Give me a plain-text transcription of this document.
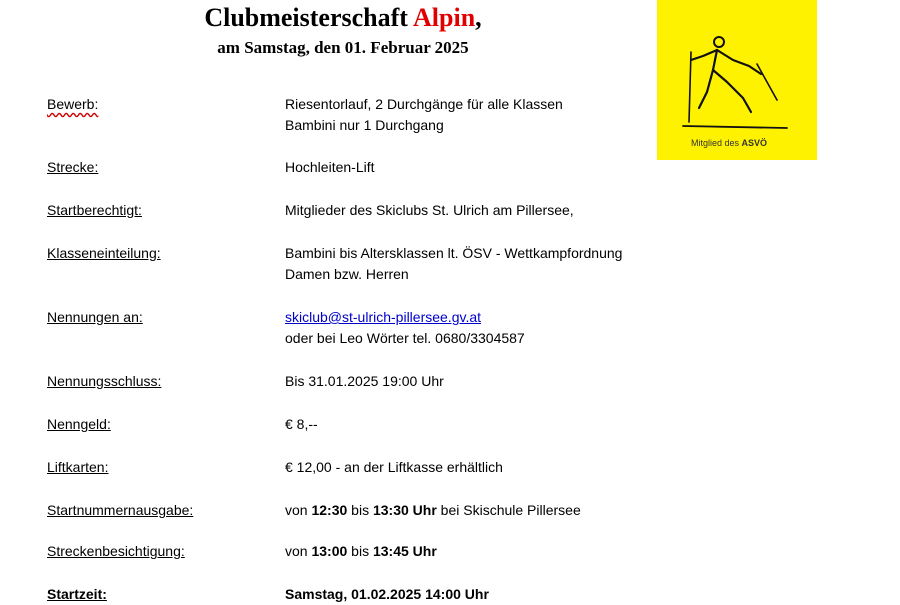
Clubmeisterschaft Alpin,
am Samstag, den 01. Februar 2025
Mitglied des ASVÖ
Bewerb:	Riesentorlauf, 2 Durchgänge für alle Klassen
Bambini nur 1 Durchgang
Strecke:	Hochleiten-Lift
Startberechtigt:	Mitglieder des Skiclubs St. Ulrich am Pillersee,
Klasseneinteilung:	Bambini bis Altersklassen lt. ÖSV - Wettkampfordnung
Damen bzw. Herren
Nennungen an:	skiclub@st-ulrich-pillersee.gv.at
oder bei Leo Wörter tel. 0680/3304587
Nennungsschluss:	Bis 31.01.2025 19:00 Uhr
Nenngeld:	€ 8,--
Liftkarten:	€ 12,00 - an der Liftkasse erhältlich
Startnummernausgabe:	von 12:30 bis 13:30 Uhr bei Skischule Pillersee
Streckenbesichtigung:	von 13:00 bis 13:45 Uhr
Startzeit:	Samstag, 01.02.2025 14:00 Uhr
